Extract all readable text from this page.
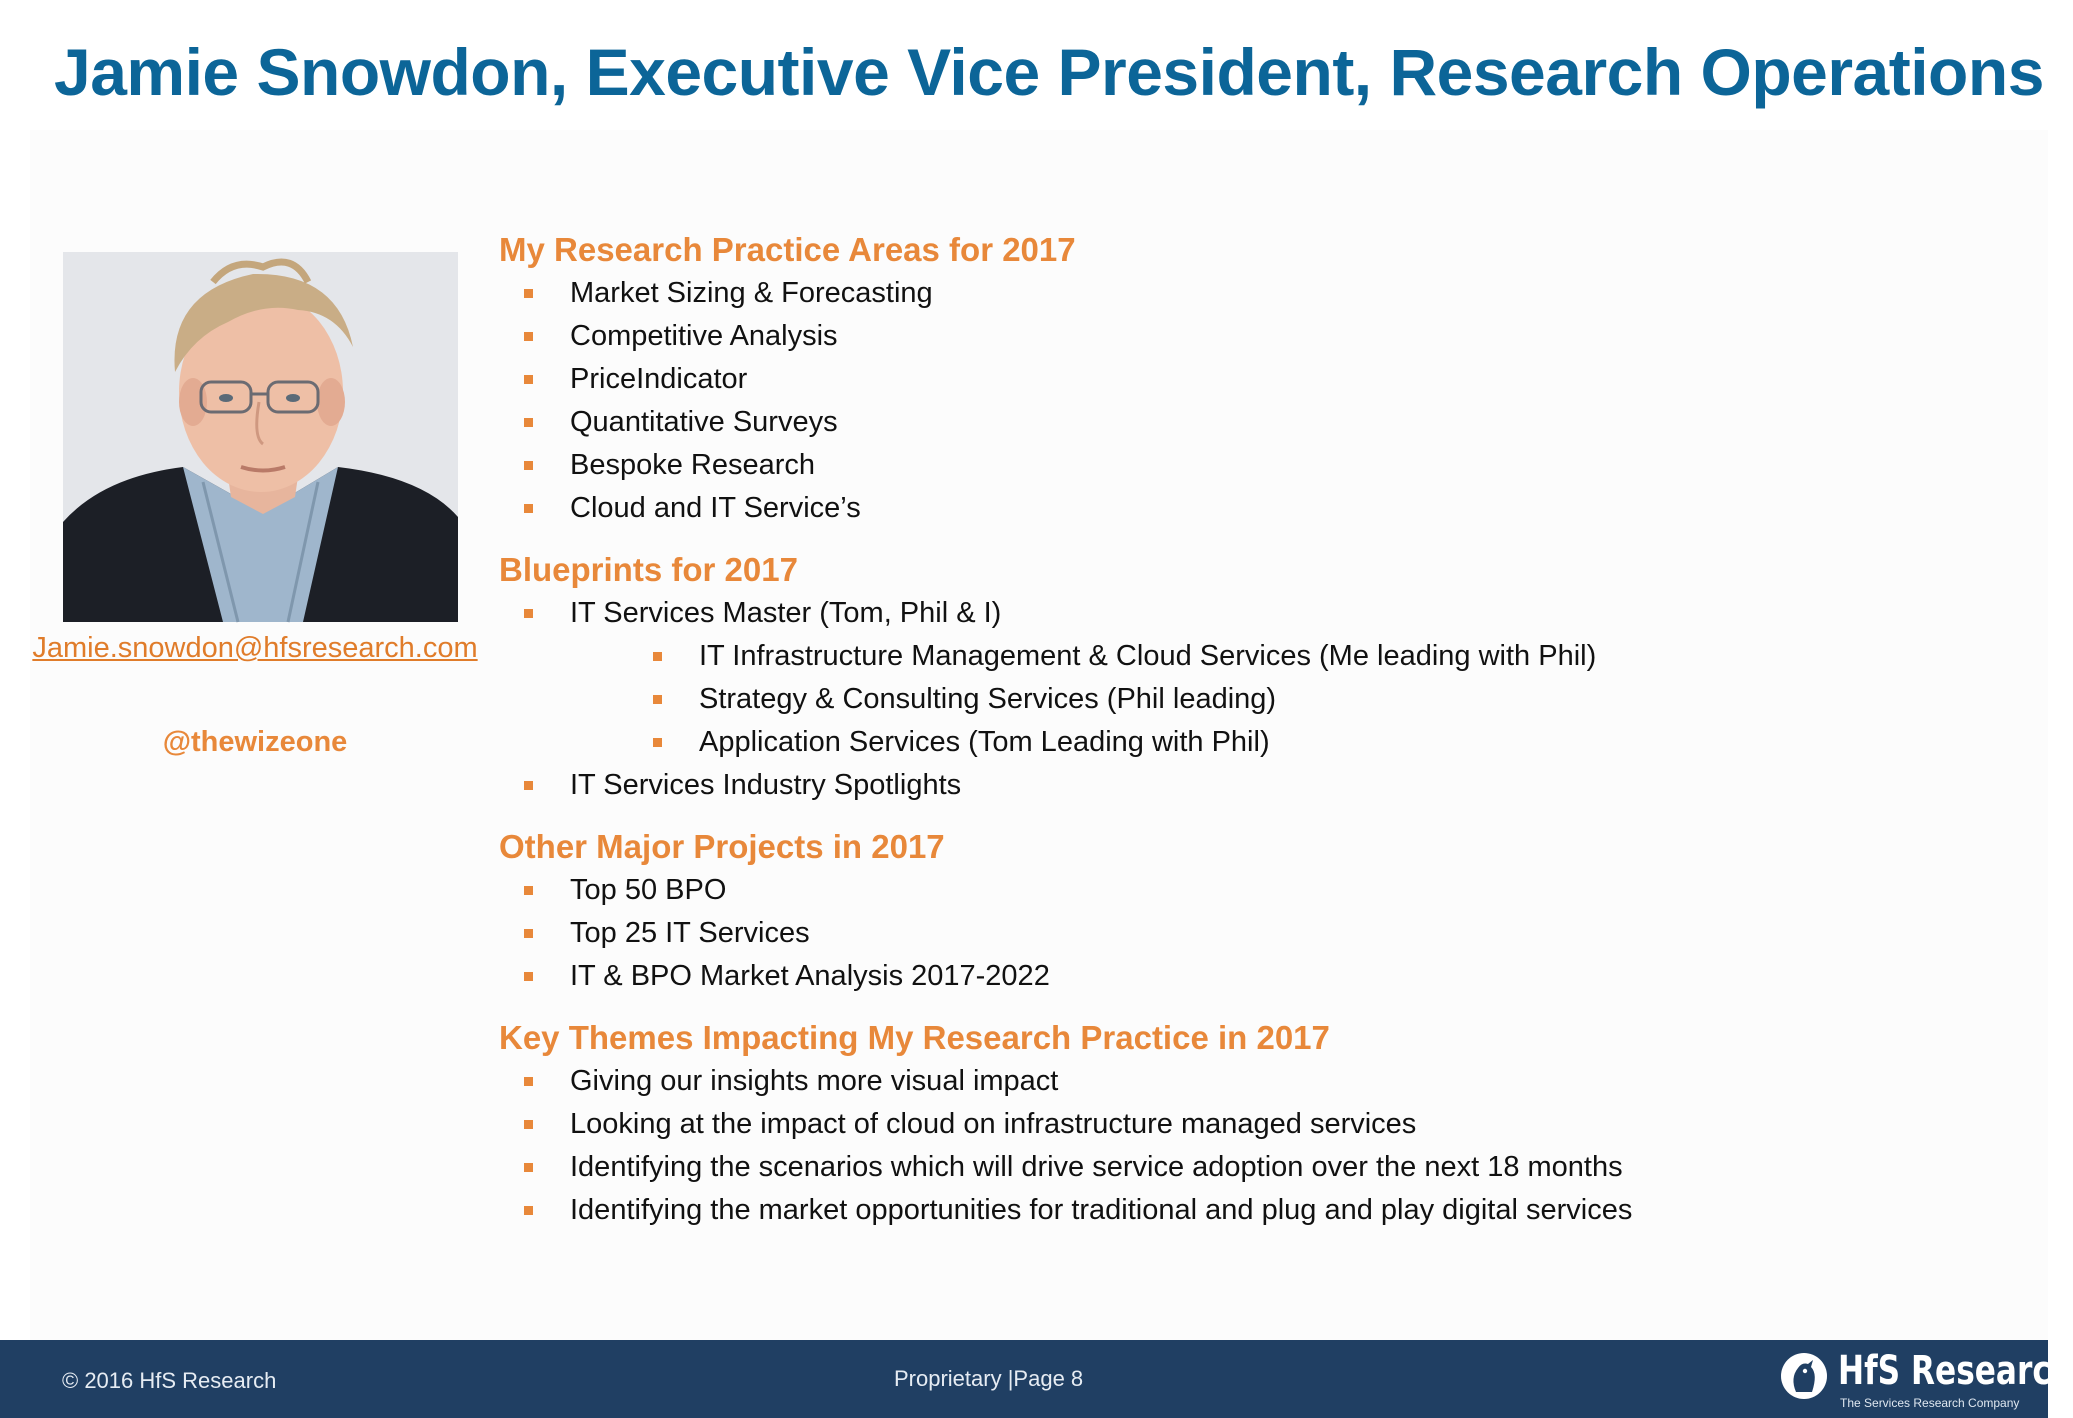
Jamie Snowdon, Executive Vice President, Research Operations
Jamie.snowdon@hfsresearch.com
@thewizeone
My Research Practice Areas for 2017
Market Sizing & Forecasting
Competitive Analysis
PriceIndicator
Quantitative Surveys
Bespoke Research
Cloud and IT Service’s
Blueprints for 2017
IT Services Master (Tom, Phil & I)
IT Infrastructure Management & Cloud Services (Me leading with Phil)
Strategy & Consulting Services (Phil leading)
Application Services (Tom Leading with Phil)
IT Services Industry Spotlights
Other Major Projects in 2017
Top 50 BPO
Top 25 IT Services
IT & BPO Market Analysis 2017-2022
Key Themes Impacting My Research Practice in 2017
Giving our insights more visual impact
Looking at the impact of cloud on infrastructure managed services
Identifying the scenarios which will drive service adoption over the next 18 months
Identifying the market opportunities for traditional and plug and play digital services
© 2016 HfS Research	Proprietary |Page 8	HfS Research
The Services Research Company
